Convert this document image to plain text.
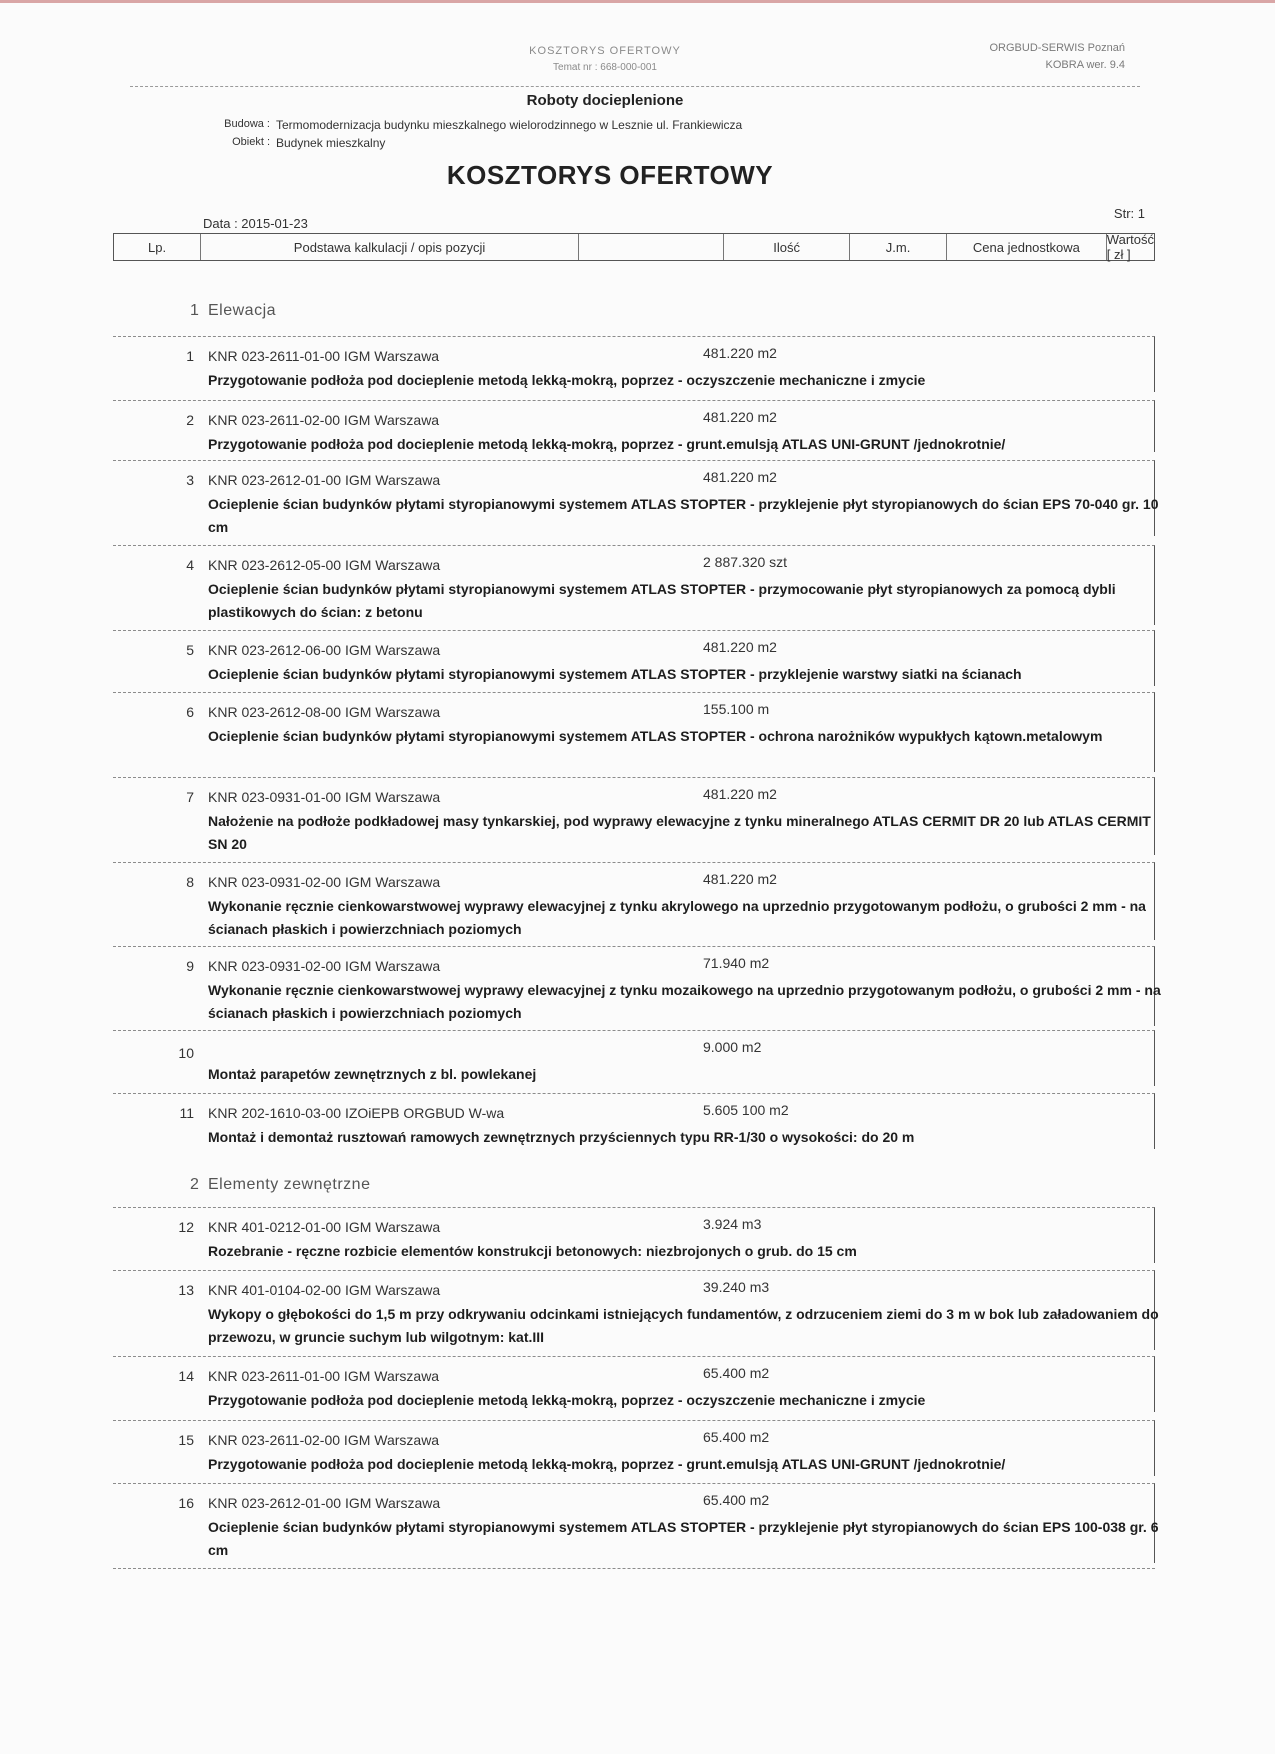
KOSZTORYS OFERTOWY
Temat nr : 668-000-001
ORGBUD-SERWIS Poznań
KOBRA wer. 9.4
Roboty docieplenione
Budowa : Termomodernizacja budynku mieszkalnego wielorodzinnego w Lesznie ul. Frankiewicza
Obiekt : Budynek mieszkalny
KOSZTORYS OFERTOWY
Data : 2015-01-23
Str: 1
Lp.	Podstawa kalkulacji / opis pozycji	Ilość	J.m.	Cena jednostkowa	Wartość [ zł ]
1 Elewacja
1 KNR 023-2611-01-00 IGM Warszawa	481.220 m2
Przygotowanie podłoża pod docieplenie metodą lekką-mokrą, poprzez - oczyszczenie mechaniczne i zmycie
2 KNR 023-2611-02-00 IGM Warszawa	481.220 m2
Przygotowanie podłoża pod docieplenie metodą lekką-mokrą, poprzez - grunt.emulsją ATLAS UNI-GRUNT /jednokrotnie/
3 KNR 023-2612-01-00 IGM Warszawa	481.220 m2
Ocieplenie ścian budynków płytami styropianowymi systemem ATLAS STOPTER - przyklejenie płyt styropianowych do ścian EPS 70-040 gr. 10 cm
4 KNR 023-2612-05-00 IGM Warszawa	2 887.320 szt
Ocieplenie ścian budynków płytami styropianowymi systemem ATLAS STOPTER - przymocowanie płyt styropianowych za pomocą dybli plastikowych do ścian: z betonu
5 KNR 023-2612-06-00 IGM Warszawa	481.220 m2
Ocieplenie ścian budynków płytami styropianowymi systemem ATLAS STOPTER - przyklejenie warstwy siatki na ścianach
6 KNR 023-2612-08-00 IGM Warszawa	155.100 m
Ocieplenie ścian budynków płytami styropianowymi systemem ATLAS STOPTER - ochrona narożników wypukłych kątown.metalowym
7 KNR 023-0931-01-00 IGM Warszawa	481.220 m2
Nałożenie na podłoże podkładowej masy tynkarskiej, pod wyprawy elewacyjne z tynku mineralnego ATLAS CERMIT DR 20 lub ATLAS CERMIT SN 20
8 KNR 023-0931-02-00 IGM Warszawa	481.220 m2
Wykonanie ręcznie cienkowarstwowej wyprawy elewacyjnej z tynku akrylowego na uprzednio przygotowanym podłożu, o grubości 2 mm - na ścianach płaskich i powierzchniach poziomych
9 KNR 023-0931-02-00 IGM Warszawa	71.940 m2
Wykonanie ręcznie cienkowarstwowej wyprawy elewacyjnej z tynku mozaikowego na uprzednio przygotowanym podłożu, o grubości 2 mm - na ścianach płaskich i powierzchniach poziomych
10	9.000 m2
Montaż parapetów zewnętrznych z bl. powlekanej
11 KNR 202-1610-03-00 IZOiEPB ORGBUD W-wa	5.605 100 m2
Montaż i demontaż rusztowań ramowych zewnętrznych przyściennych typu RR-1/30 o wysokości: do 20 m
2 Elementy zewnętrzne
12 KNR 401-0212-01-00 IGM Warszawa	3.924 m3
Rozebranie - ręczne rozbicie elementów konstrukcji betonowych: niezbrojonych o grub. do 15 cm
13 KNR 401-0104-02-00 IGM Warszawa	39.240 m3
Wykopy o głębokości do 1,5 m przy odkrywaniu odcinkami istniejących fundamentów, z odrzuceniem ziemi do 3 m w bok lub załadowaniem do przewozu, w gruncie suchym lub wilgotnym: kat.III
14 KNR 023-2611-01-00 IGM Warszawa	65.400 m2
Przygotowanie podłoża pod docieplenie metodą lekką-mokrą, poprzez - oczyszczenie mechaniczne i zmycie
15 KNR 023-2611-02-00 IGM Warszawa	65.400 m2
Przygotowanie podłoża pod docieplenie metodą lekką-mokrą, poprzez - grunt.emulsją ATLAS UNI-GRUNT /jednokrotnie/
16 KNR 023-2612-01-00 IGM Warszawa	65.400 m2
Ocieplenie ścian budynków płytami styropianowymi systemem ATLAS STOPTER - przyklejenie płyt styropianowych do ścian EPS 100-038 gr. 6 cm
